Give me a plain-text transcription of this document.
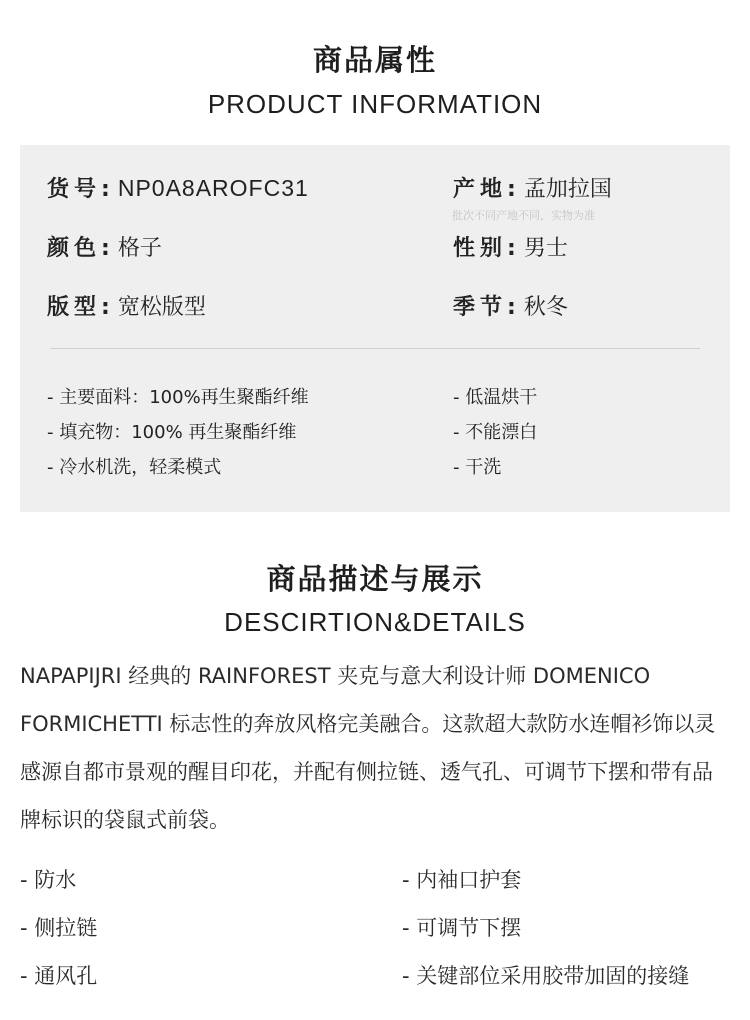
商品属性
PRODUCT INFORMATION
货号: NP0A8AROFC31	产地: 孟加拉国
批次不同产地不同，实物为准
颜色: 格子	性别: 男士
版型: 宽松版型	季节: 秋冬
- 主要面料：100%再生聚酯纤维	- 低温烘干
- 填充物：100% 再生聚酯纤维	- 不能漂白
- 冷水机洗，轻柔模式	- 干洗
商品描述与展示
DESCIRTION&DETAILS
NAPAPIJRI 经典的 RAINFOREST 夹克与意大利设计师 DOMENICO FORMICHETTI 标志性的奔放风格完美融合。这款超大款防水连帽衫饰以灵感源自都市景观的醒目印花，并配有侧拉链、透气孔、可调节下摆和带有品牌标识的袋鼠式前袋。
- 防水	- 内袖口护套
- 侧拉链	- 可调节下摆
- 通风孔	- 关键部位采用胶带加固的接缝
